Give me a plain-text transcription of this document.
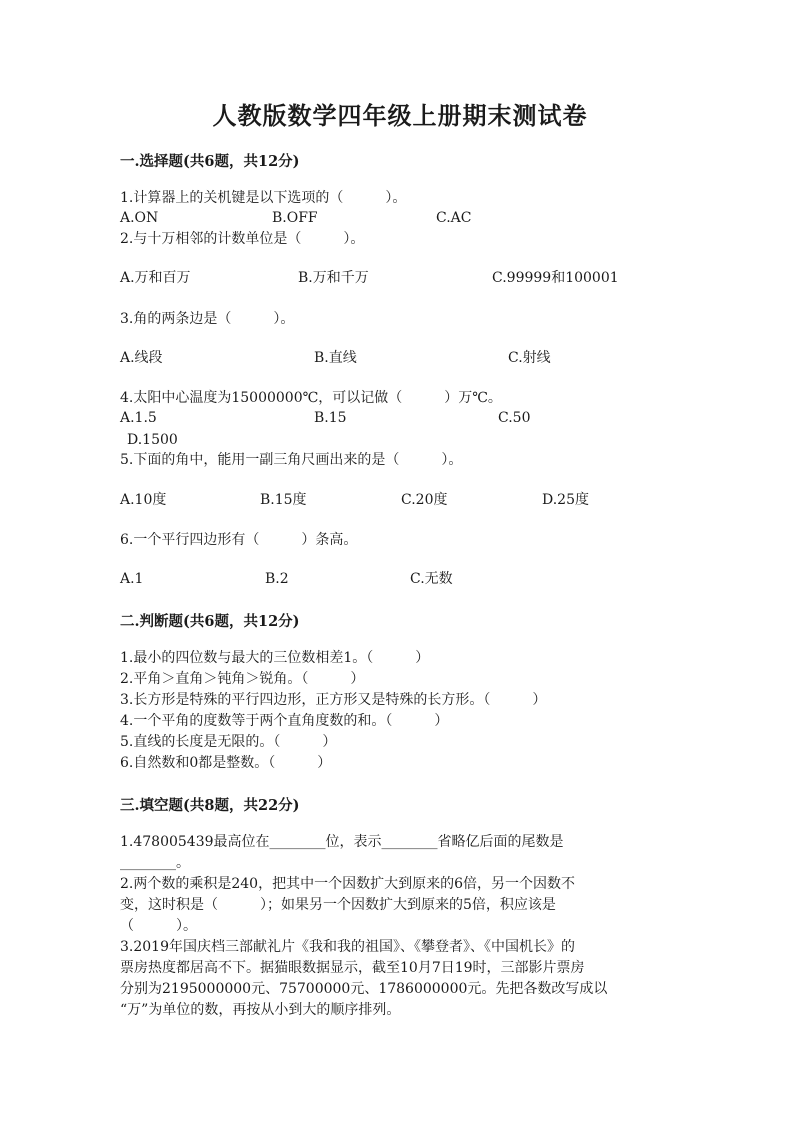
人教版数学四年级上册期末测试卷
一.选择题(共6题，共12分)
1.计算器上的关机键是以下选项的（　　　）。
A.ON	B.OFF	C.AC
2.与十万相邻的计数单位是（　　　）。
A.万和百万	B.万和千万	C.99999和100001
3.角的两条边是（　　　）。
A.线段	B.直线	C.射线
4.太阳中心温度为15000000℃，可以记做（　　　）万℃。
A.1.5	B.15	C.50
D.1500
5.下面的角中，能用一副三角尺画出来的是（　　　）。
A.10度	B.15度	C.20度	D.25度
6.一个平行四边形有（　　　）条高。
A.1	B.2	C.无数
二.判断题(共6题，共12分)
1.最小的四位数与最大的三位数相差1。（　　　）
2.平角＞直角＞钝角＞锐角。（　　　）
3.长方形是特殊的平行四边形，正方形又是特殊的长方形。（　　　）
4.一个平角的度数等于两个直角度数的和。（　　　）
5.直线的长度是无限的。（　　　）
6.自然数和0都是整数。（　　　）
三.填空题(共8题，共22分)
1.478005439最高位在________位，表示________省略亿后面的尾数是
________。
2.两个数的乘积是240，把其中一个因数扩大到原来的6倍，另一个因数不
变，这时积是（　　　）；如果另一个因数扩大到原来的5倍，积应该是
（　　　）。
3.2019年国庆档三部献礼片《我和我的祖国》、《攀登者》、《中国机长》的
票房热度都居高不下。据猫眼数据显示，截至10月7日19时，三部影片票房
分别为2195000000元、75700000元、1786000000元。先把各数改写成以
“万”为单位的数，再按从小到大的顺序排列。
